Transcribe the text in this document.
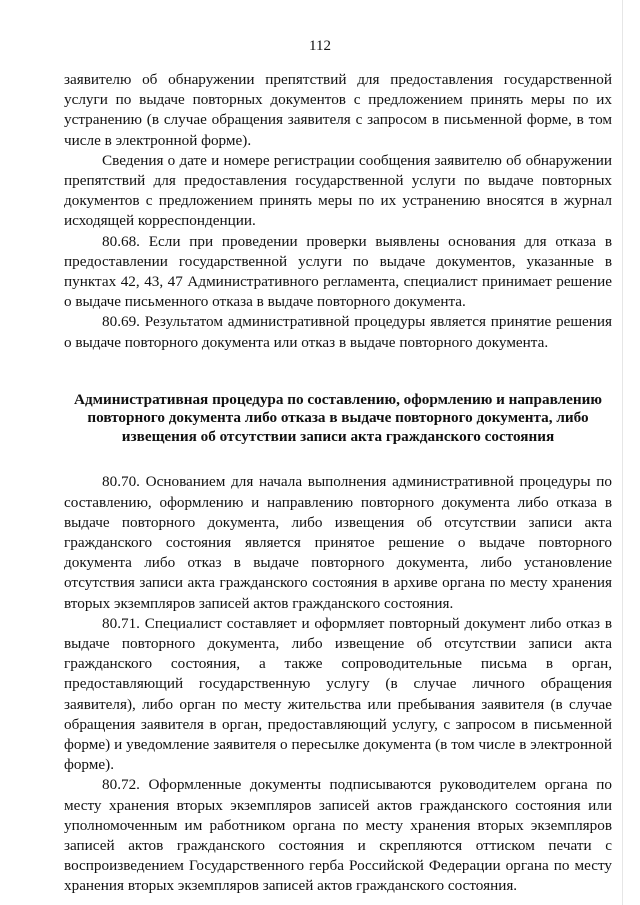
112

заявителю об обнаружении препятствий для предоставления государственной услуги по выдаче повторных документов с предложением принять меры по их устранению (в случае обращения заявителя с запросом в письменной форме, в том числе в электронной форме).

Сведения о дате и номере регистрации сообщения заявителю об обнаружении препятствий для предоставления государственной услуги по выдаче повторных документов с предложением принять меры по их устранению вносятся в журнал исходящей корреспонденции.

80.68. Если при проведении проверки выявлены основания для отказа в предоставлении государственной услуги по выдаче документов, указанные в пунктах 42, 43, 47 Административного регламента, специалист принимает решение о выдаче письменного отказа в выдаче повторного документа.

80.69. Результатом административной процедуры является принятие решения о выдаче повторного документа или отказ в выдаче повторного документа.

Административная процедура по составлению, оформлению и направлению
повторного документа либо отказа в выдаче повторного документа, либо
извещения об отсутствии записи акта гражданского состояния

80.70. Основанием для начала выполнения административной процедуры по составлению, оформлению и направлению повторного документа либо отказа в выдаче повторного документа, либо извещения об отсутствии записи акта гражданского состояния является принятое решение о выдаче повторного документа либо отказ в выдаче повторного документа, либо установление отсутствия записи акта гражданского состояния в архиве органа по месту хранения вторых экземпляров записей актов гражданского состояния.

80.71. Специалист составляет и оформляет повторный документ либо отказ в выдаче повторного документа, либо извещение об отсутствии записи акта гражданского состояния, а также сопроводительные письма в орган, предоставляющий государственную услугу (в случае личного обращения заявителя), либо орган по месту жительства или пребывания заявителя (в случае обращения заявителя в орган, предоставляющий услугу, с запросом в письменной форме) и уведомление заявителя о пересылке документа (в том числе в электронной форме).

80.72. Оформленные документы подписываются руководителем органа по месту хранения вторых экземпляров записей актов гражданского состояния или уполномоченным им работником органа по месту хранения вторых экземпляров записей актов гражданского состояния и скрепляются оттиском печати с воспроизведением Государственного герба Российской Федерации органа по месту хранения вторых экземпляров записей актов гражданского состояния.
